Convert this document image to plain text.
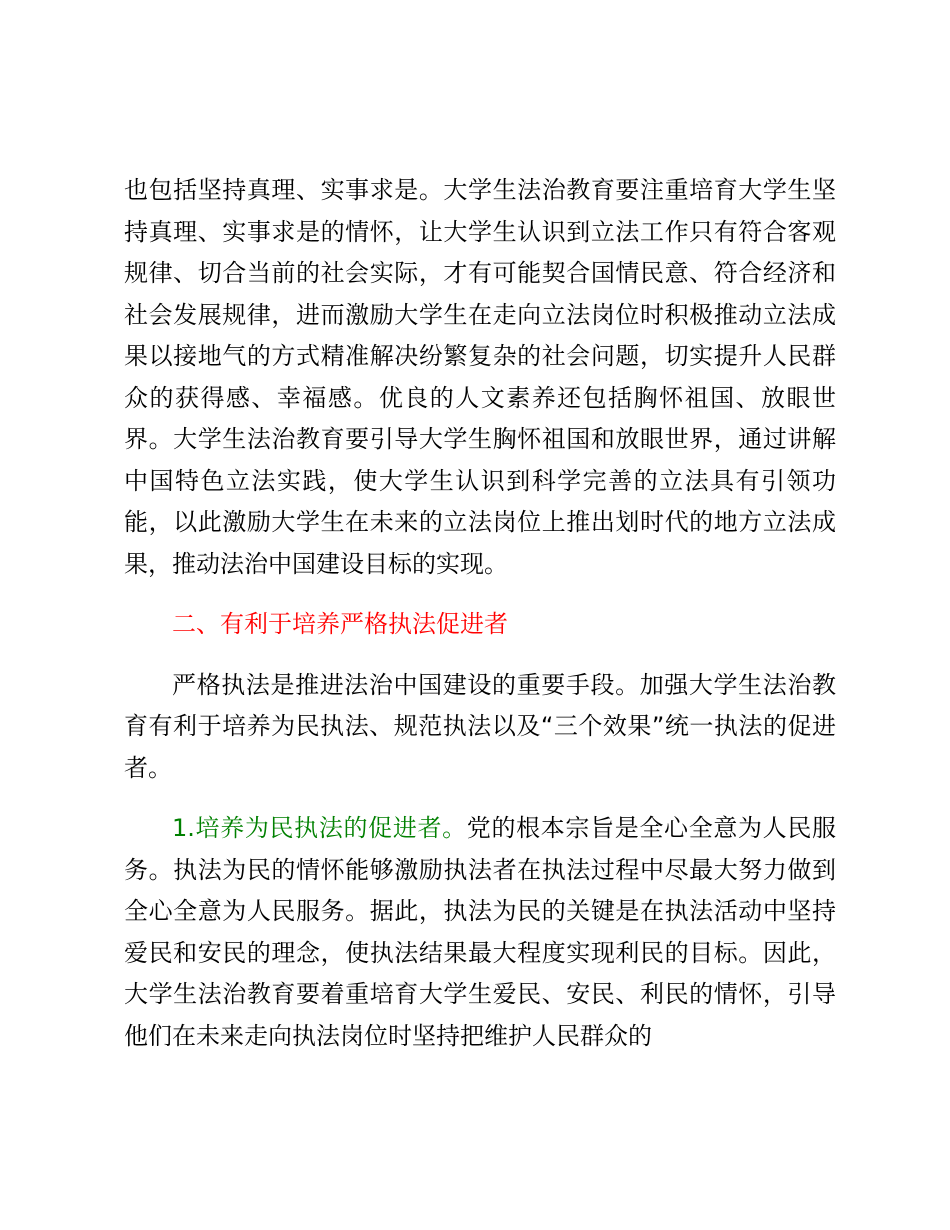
也包括坚持真理、实事求是。大学生法治教育要注重培育大学生坚持真理、实事求是的情怀，让大学生认识到立法工作只有符合客观规律、切合当前的社会实际，才有可能契合国情民意、符合经济和社会发展规律，进而激励大学生在走向立法岗位时积极推动立法成果以接地气的方式精准解决纷繁复杂的社会问题，切实提升人民群众的获得感、幸福感。优良的人文素养还包括胸怀祖国、放眼世界。大学生法治教育要引导大学生胸怀祖国和放眼世界，通过讲解中国特色立法实践，使大学生认识到科学完善的立法具有引领功能，以此激励大学生在未来的立法岗位上推出划时代的地方立法成果，推动法治中国建设目标的实现。

二、有利于培养严格执法促进者

严格执法是推进法治中国建设的重要手段。加强大学生法治教育有利于培养为民执法、规范执法以及“三个效果”统一执法的促进者。

1.培养为民执法的促进者。党的根本宗旨是全心全意为人民服务。执法为民的情怀能够激励执法者在执法过程中尽最大努力做到全心全意为人民服务。据此，执法为民的关键是在执法活动中坚持爱民和安民的理念，使执法结果最大程度实现利民的目标。因此，大学生法治教育要着重培育大学生爱民、安民、利民的情怀，引导他们在未来走向执法岗位时坚持把维护人民群众的
